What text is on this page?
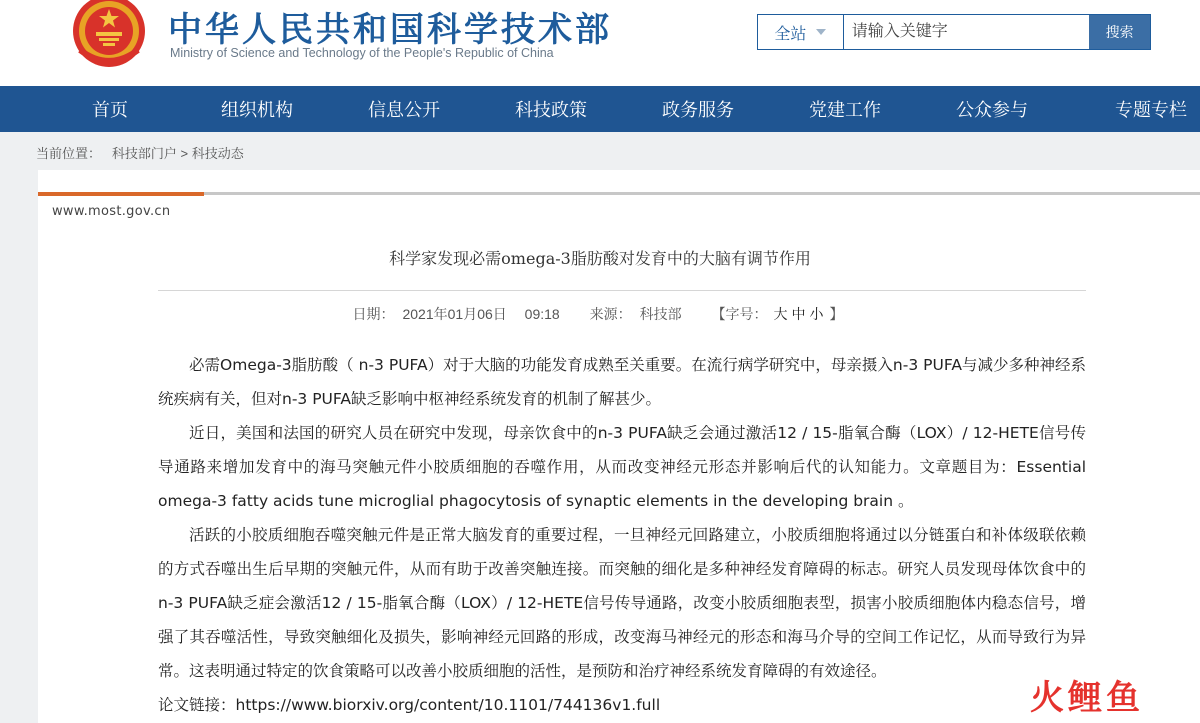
中华人民共和国科学技术部
Ministry of Science and Technology of the People's Republic of China
全站
请输入关键字	搜索
首页	组织机构	信息公开	科技政策	政务服务	党建工作	公众参与	专题专栏
当前位置： 科技部门户 > 科技动态
www.most.gov.cn
科学家发现必需omega-3脂肪酸对发育中的大脑有调节作用
日期： 2021年01月06日 09:18 来源： 科技部 【字号： 大 中 小 】

必需Omega-3脂肪酸（ n-3 PUFA）对于大脑的功能发育成熟至关重要。在流行病学研究中，母亲摄入n-3 PUFA与减少多种神经系统疾病有关，但对n-3 PUFA缺乏影响中枢神经系统发育的机制了解甚少。

近日，美国和法国的研究人员在研究中发现，母亲饮食中的n-3 PUFA缺乏会通过激活12 / 15-脂氧合酶（LOX）/ 12-HETE信号传导通路来增加发育中的海马突触元件小胶质细胞的吞噬作用，从而改变神经元形态并影响后代的认知能力。文章题目为：Essential omega-3 fatty acids tune microglial phagocytosis of synaptic elements in the developing brain 。

活跃的小胶质细胞吞噬突触元件是正常大脑发育的重要过程，一旦神经元回路建立，小胶质细胞将通过以分链蛋白和补体级联依赖的方式吞噬出生后早期的突触元件，从而有助于改善突触连接。而突触的细化是多种神经发育障碍的标志。研究人员发现母体饮食中的n-3 PUFA缺乏症会激活12 / 15-脂氧合酶（LOX）/ 12-HETE信号传导通路，改变小胶质细胞表型，损害小胶质细胞体内稳态信号，增强了其吞噬活性，导致突触细化及损失，影响神经元回路的形成，改变海马神经元的形态和海马介导的空间工作记忆，从而导致行为异常。这表明通过特定的饮食策略可以改善小胶质细胞的活性，是预防和治疗神经系统发育障碍的有效途径。

论文链接：https://www.biorxiv.org/content/10.1101/744136v1.full	火 鲤 鱼
